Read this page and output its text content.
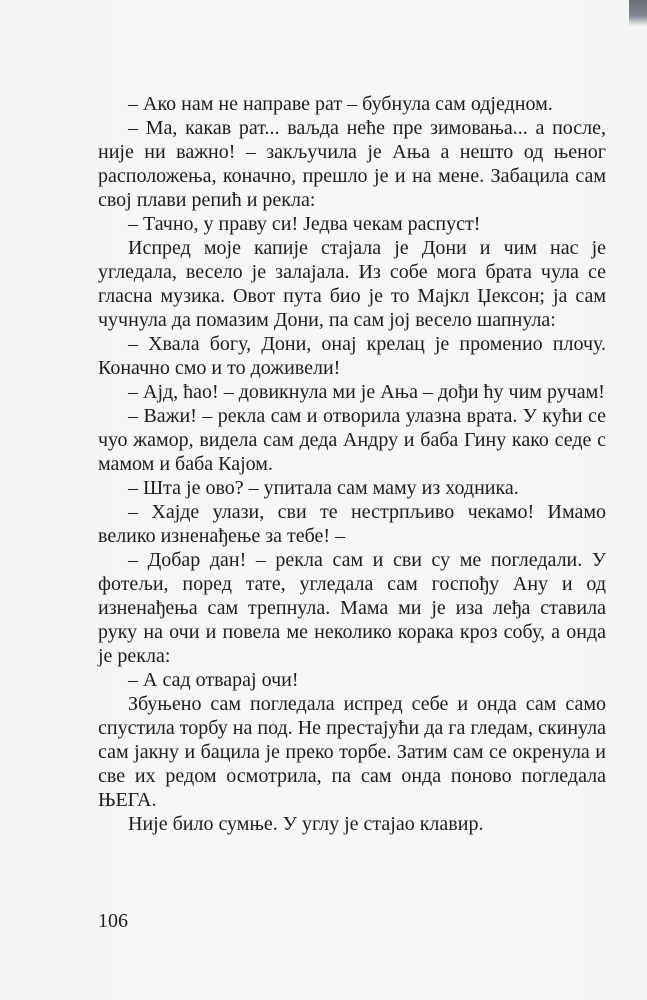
– Ако нам не направе рат – бубнула сам одједном.

– Ма, какав рат... ваљда неће пре зимовања... а после, није ни важно! – закључила је Ања а нешто од њеног расположења, коначно, прешло је и на мене. Забацила сам свој плави репић и рекла:

– Тачно, у праву си! Једва чекам распуст!

Испред моје капије стајала је Дони и чим нас је угледала, весело је залајала. Из собе мога брата чула се гласна музика. Овот пута био је то Мајкл Џексон; ја сам чучнула да помазим Дони, па сам јој весело шапнула:

– Хвала богу, Дони, онај крелац је променио плочу. Коначно смо и то доживели!

– Ајд, ћао! – довикнула ми је Ања – дођи ћу чим ручам!

– Важи! – рекла сам и отворила улазна врата. У кући се чуо жамор, видела сам деда Андру и баба Гину како седе с мамом и баба Кајом.

– Шта је ово? – упитала сам маму из ходника.

– Хајде улази, сви те нестрпљиво чекамо! Имамо велико изненађење за тебе! –

– Добар дан! – рекла сам и сви су ме погледали. У фотељи, поред тате, угледала сам госпођу Ану и од изненађења сам трепнула. Мама ми је иза леђа ставила руку на очи и повела ме неколико корака кроз собу, а онда је рекла:

– А сад отварај очи!

Збуњено сам погледала испред себе и онда сам само спустила торбу на под. Не престајући да га гледам, скинула сам јакну и бацила је преко торбе. Затим сам се окренула и све их редом осмотрила, па сам онда поново погледала ЊЕГА.

Није било сумње. У углу је стајао клавир.

106
